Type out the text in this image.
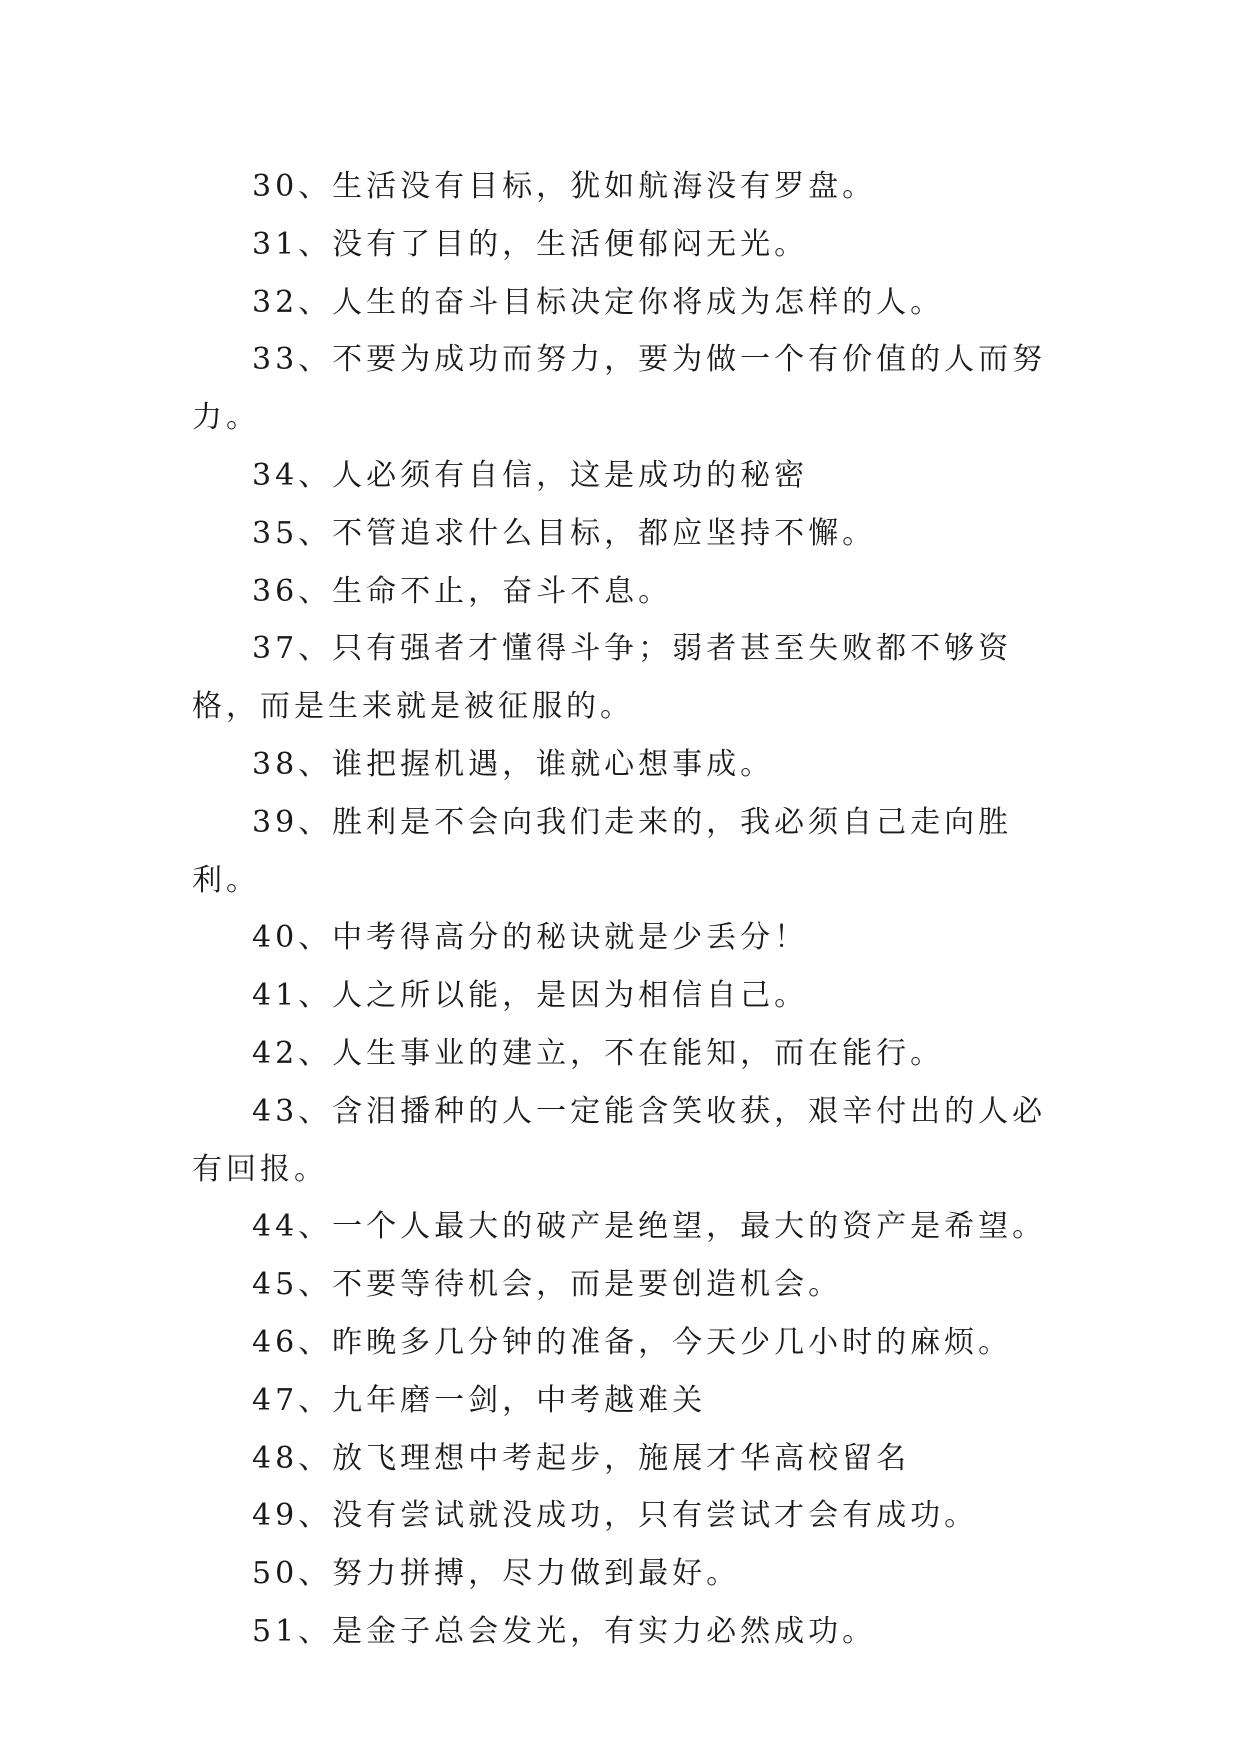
30、生活没有目标，犹如航海没有罗盘。

31、没有了目的，生活便郁闷无光。

32、人生的奋斗目标决定你将成为怎样的人。

33、不要为成功而努力，要为做一个有价值的人而努力。

34、人必须有自信，这是成功的秘密

35、不管追求什么目标，都应坚持不懈。

36、生命不止，奋斗不息。

37、只有强者才懂得斗争；弱者甚至失败都不够资格，而是生来就是被征服的。

38、谁把握机遇，谁就心想事成。

39、胜利是不会向我们走来的，我必须自己走向胜利。

40、中考得高分的秘诀就是少丢分！

41、人之所以能，是因为相信自己。

42、人生事业的建立，不在能知，而在能行。

43、含泪播种的人一定能含笑收获，艰辛付出的人必有回报。

44、一个人最大的破产是绝望，最大的资产是希望。

45、不要等待机会，而是要创造机会。

46、昨晚多几分钟的准备，今天少几小时的麻烦。

47、九年磨一剑，中考越难关

48、放飞理想中考起步，施展才华高校留名

49、没有尝试就没成功，只有尝试才会有成功。

50、努力拼搏，尽力做到最好。

51、是金子总会发光，有实力必然成功。
